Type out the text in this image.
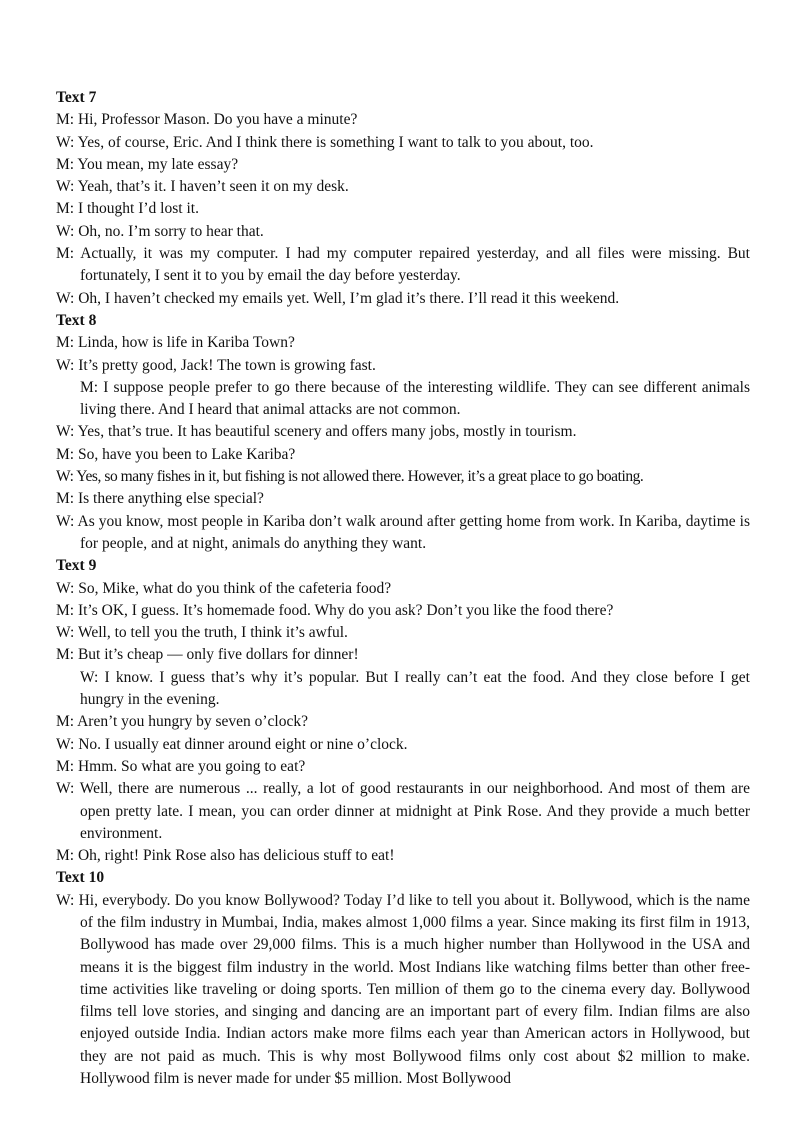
Text 7

M: Hi, Professor Mason. Do you have a minute?

W: Yes, of course, Eric. And I think there is something I want to talk to you about, too.

M: You mean, my late essay?

W: Yeah, that’s it. I haven’t seen it on my desk.

M: I thought I’d lost it.

W: Oh, no. I’m sorry to hear that.

M: Actually, it was my computer. I had my computer repaired yesterday, and all files were missing. But fortunately, I sent it to you by email the day before yesterday.

W: Oh, I haven’t checked my emails yet. Well, I’m glad it’s there. I’ll read it this weekend.

Text 8

M: Linda, how is life in Kariba Town?

W: It’s pretty good, Jack! The town is growing fast.

M: I suppose people prefer to go there because of the interesting wildlife. They can see different animals living there. And I heard that animal attacks are not common.

W: Yes, that’s true. It has beautiful scenery and offers many jobs, mostly in tourism.

M: So, have you been to Lake Kariba?

W: Yes, so many fishes in it, but fishing is not allowed there. However, it’s a great place to go boating.

M: Is there anything else special?

W: As you know, most people in Kariba don’t walk around after getting home from work. In Kariba, daytime is for people, and at night, animals do anything they want.

Text 9

W: So, Mike, what do you think of the cafeteria food?

M: It’s OK, I guess. It’s homemade food. Why do you ask? Don’t you like the food there?

W: Well, to tell you the truth, I think it’s awful.

M: But it’s cheap — only five dollars for dinner!

W: I know. I guess that’s why it’s popular. But I really can’t eat the food. And they close before I get hungry in the evening.

M: Aren’t you hungry by seven o’clock?

W: No. I usually eat dinner around eight or nine o’clock.

M: Hmm. So what are you going to eat?

W: Well, there are numerous ... really, a lot of good restaurants in our neighborhood. And most of them are open pretty late. I mean, you can order dinner at midnight at Pink Rose. And they provide a much better environment.

M: Oh, right! Pink Rose also has delicious stuff to eat!

Text 10

W: Hi, everybody. Do you know Bollywood? Today I’d like to tell you about it. Bollywood, which is the name of the film industry in Mumbai, India, makes almost 1,000 films a year. Since making its first film in 1913, Bollywood has made over 29,000 films. This is a much higher number than Hollywood in the USA and means it is the biggest film industry in the world. Most Indians like watching films better than other free-time activities like traveling or doing sports. Ten million of them go to the cinema every day. Bollywood films tell love stories, and singing and dancing are an important part of every film. Indian films are also enjoyed outside India. Indian actors make more films each year than American actors in Hollywood, but they are not paid as much. This is why most Bollywood films only cost about $2 million to make. Hollywood film is never made for under $5 million. Most Bollywood
